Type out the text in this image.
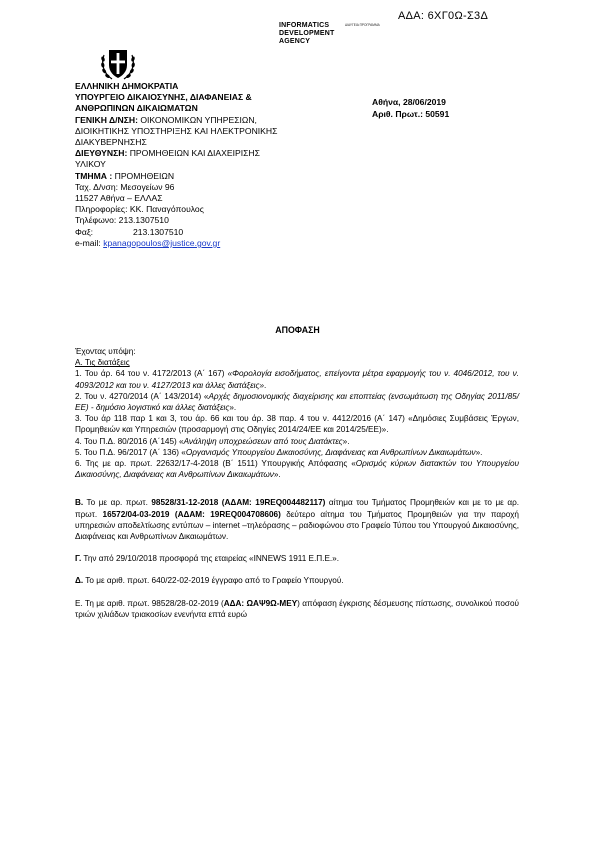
ΑΔΑ: 6ΧΓ0Ω-Σ3Δ
INFORMATICS
DEVELOPMENT
AGENCY
ΔΙΑΥΓΕΙΑ ΠΡΟΓΡΑΜΜΑ
ΕΛΛΗΝΙΚΗ ΔΗΜΟΚΡΑΤΙΑ
ΥΠΟΥΡΓΕΙΟ ΔΙΚΑΙΟΣΥΝΗΣ, ΔΙΑΦΑΝΕΙΑΣ &
ΑΝΘΡΩΠΙΝΩΝ ΔΙΚΑΙΩΜΑΤΩΝ
ΓΕΝΙΚΗ Δ/ΝΣΗ: ΟΙΚΟΝΟΜΙΚΩΝ ΥΠΗΡΕΣΙΩΝ,
ΔΙΟΙΚΗΤΙΚΗΣ ΥΠΟΣΤΗΡΙΞΗΣ ΚΑΙ ΗΛΕΚΤΡΟΝΙΚΗΣ
ΔΙΑΚΥΒΕΡΝΗΣΗΣ
ΔΙΕΥΘΥΝΣΗ: ΠΡΟΜΗΘΕΙΩΝ ΚΑΙ ΔΙΑΧΕΙΡΙΣΗΣ
ΥΛΙΚΟΥ
ΤΜΗΜΑ : ΠΡΟΜΗΘΕΙΩΝ
Ταχ. Δ/νση: Μεσογείων 96
11527 Αθήνα – ΕΛΛΑΣ
Πληροφορίες: ΚΚ. Παναγόπουλος
Τηλέφωνο: 213.1307510
Φαξ:	213.1307510
e-mail: kpanagopoulos@justice.gov.gr
Αθήνα, 28/06/2019
Αριθ. Πρωτ.: 50591
ΑΠΟΦΑΣΗ

Έχοντας υπόψη:

Α. Τις διατάξεις

1. Του άρ. 64 του ν. 4172/2013 (Α΄ 167) «Φορολογία εισοδήματος, επείγοντα μέτρα εφαρμογής του ν. 4046/2012, του ν. 4093/2012 και του ν. 4127/2013 και άλλες διατάξεις».

2. Του ν. 4270/2014 (Α΄ 143/2014) «Αρχές δημοσιονομικής διαχείρισης και εποπτείας (ενσωμάτωση της Οδηγίας 2011/85/ΕΕ) - δημόσιο λογιστικό και άλλες διατάξεις».

3. Του άρ 118 παρ 1 και 3, του άρ. 66 και του άρ. 38 παρ. 4 του ν. 4412/2016 (Α΄ 147) «Δημόσιες Συμβάσεις Έργων, Προμηθειών και Υπηρεσιών (προσαρμογή στις Οδηγίες 2014/24/ΕΕ και 2014/25/ΕΕ)».

4. Του Π.Δ. 80/2016 (Α΄145) «Ανάληψη υποχρεώσεων από τους Διατάκτες».

5. Του Π.Δ. 96/2017 (Α΄ 136) «Οργανισμός Υπουργείου Δικαιοσύνης, Διαφάνειας και Ανθρωπίνων Δικαιωμάτων».

6. Της με αρ. πρωτ. 22632/17-4-2018 (Β΄ 1511) Υπουργικής Απόφασης «Ορισμός κύριων διατακτών του Υπουργείου Δικαιοσύνης, Διαφάνειας και Ανθρωπίνων Δικαιωμάτων».

Β. Το με αρ. πρωτ. 98528/31-12-2018 (ΑΔΑΜ: 19REQ004482117) αίτημα του Τμήματος Προμηθειών και με το με αρ. πρωτ. 16572/04-03-2019 (ΑΔΑΜ: 19REQ004708606) δεύτερο αίτημα του Τμήματος Προμηθειών για την παροχή υπηρεσιών αποδελτίωσης εντύπων – internet –τηλεόρασης – ραδιοφώνου στο Γραφείο Τύπου του Υπουργού Δικαιοσύνης, Διαφάνειας και Ανθρωπίνων Δικαιωμάτων.

Γ. Την από 29/10/2018 προσφορά της εταιρείας «INNEWS 1911 Ε.Π.Ε.».

Δ. Το με αριθ. πρωτ. 640/22-02-2019 έγγραφο από το Γραφείο Υπουργού.

Ε. Τη με αριθ. πρωτ. 98528/28-02-2019 (ΑΔΑ: ΩΑΨ9Ω-ΜΕΥ) απόφαση έγκρισης δέσμευσης πίστωσης, συνολικού ποσού τριών χιλιάδων τριακοσίων ενενήντα επτά ευρώ
